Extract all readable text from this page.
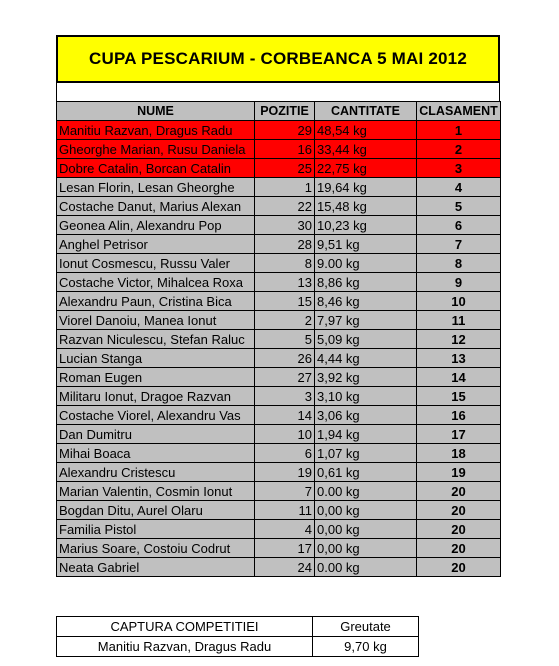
CUPA PESCARIUM - CORBEANCA 5 MAI 2012
NUME	POZITIE	CANTITATE	CLASAMENT
Manitiu Razvan, Dragus Radu	29	48,54 kg	1
Gheorghe Marian, Rusu Daniela	16	33,44 kg	2
Dobre Catalin, Borcan Catalin	25	22,75 kg	3
Lesan Florin, Lesan Gheorghe	1	19,64 kg	4
Costache Danut, Marius Alexan	22	15,48 kg	5
Geonea Alin, Alexandru Pop	30	10,23 kg	6
Anghel Petrisor	28	9,51 kg	7
Ionut Cosmescu, Russu Valer	8	9.00 kg	8
Costache Victor, Mihalcea Roxa	13	8,86 kg	9
Alexandru Paun, Cristina Bica	15	8,46 kg	10
Viorel Danoiu, Manea Ionut	2	7,97 kg	11
Razvan Niculescu, Stefan Raluc	5	5,09 kg	12
Lucian Stanga	26	4,44 kg	13
Roman Eugen	27	3,92 kg	14
Militaru Ionut, Dragoe Razvan	3	3,10 kg	15
Costache Viorel, Alexandru Vas	14	3,06 kg	16
Dan Dumitru	10	1,94 kg	17
Mihai Boaca	6	1,07 kg	18
Alexandru Cristescu	19	0,61 kg	19
Marian Valentin, Cosmin Ionut	7	0.00 kg	20
Bogdan Ditu, Aurel Olaru	11	0,00 kg	20
Familia Pistol	4	0,00 kg	20
Marius Soare, Costoiu Codrut	17	0,00 kg	20
Neata Gabriel	24	0.00 kg	20
CAPTURA COMPETITIEI	Greutate
Manitiu Razvan, Dragus Radu	9,70 kg
